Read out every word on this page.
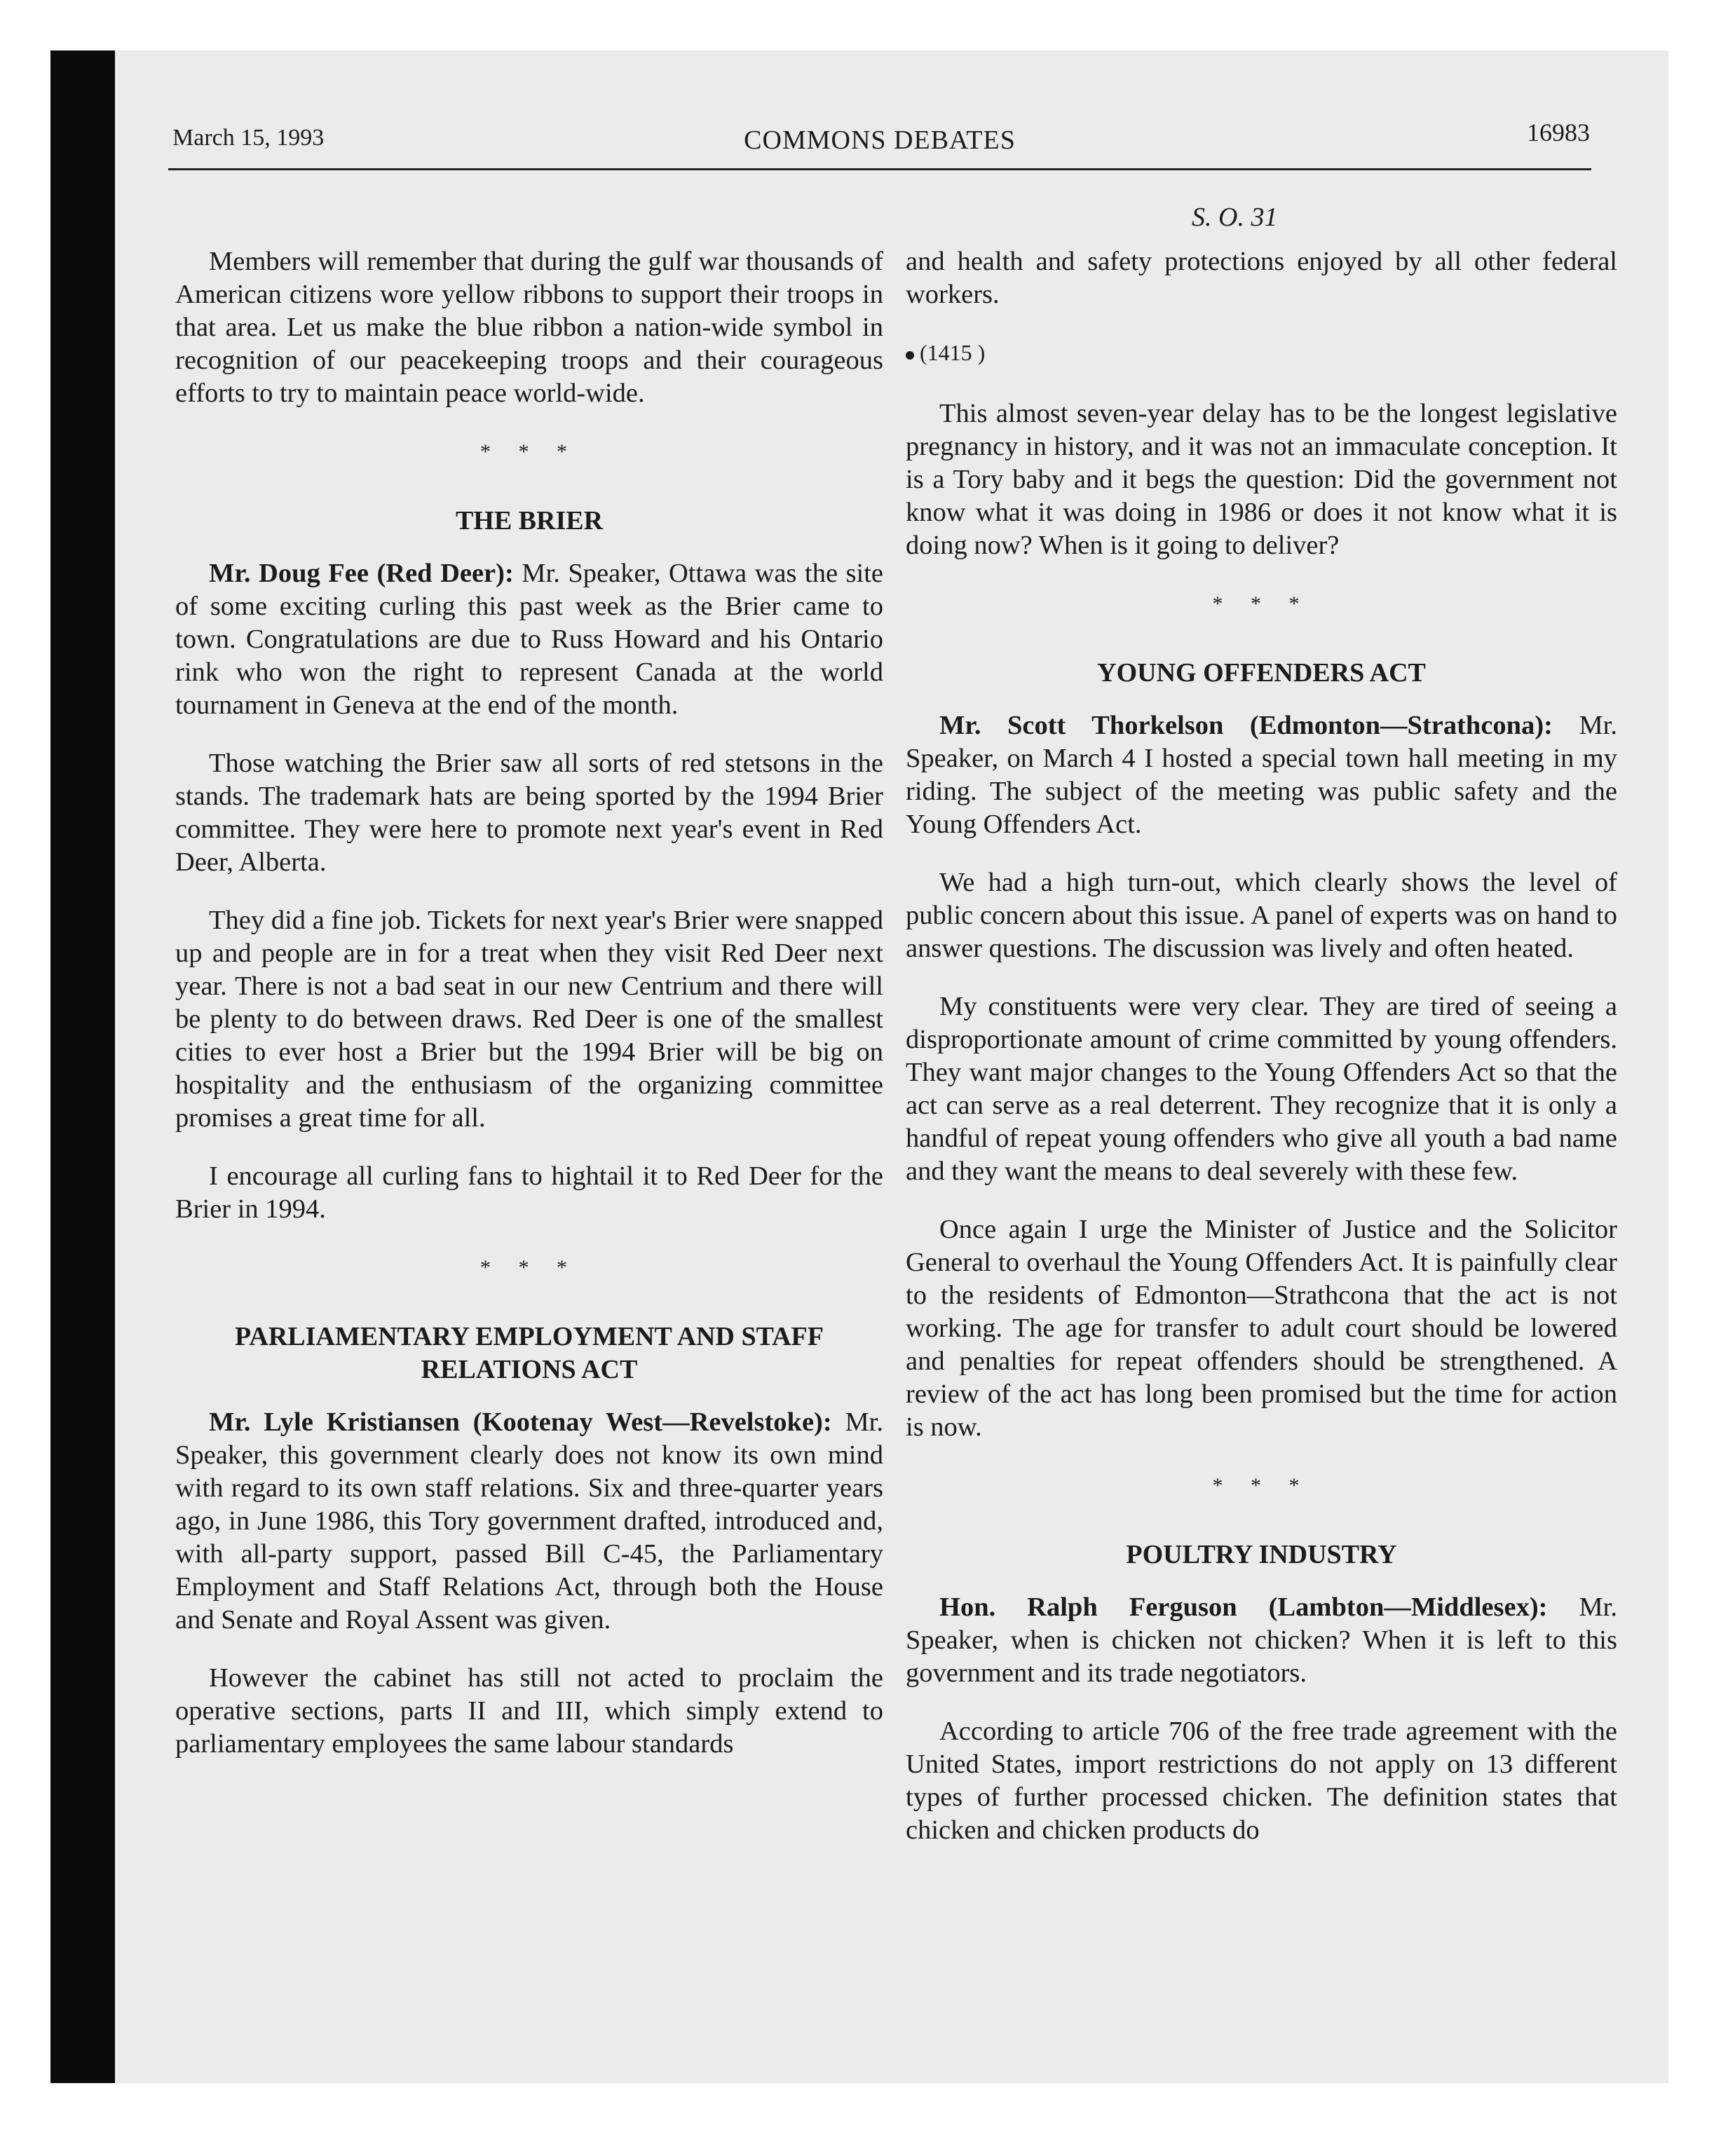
March 15, 1993	COMMONS DEBATES	16983
S. O. 31

Members will remember that during the gulf war thousands of American citizens wore yellow ribbons to support their troops in that area. Let us make the blue ribbon a nation-wide symbol in recognition of our peacekeeping troops and their courageous efforts to try to maintain peace world-wide.

* * *
THE BRIER

Mr. Doug Fee (Red Deer): Mr. Speaker, Ottawa was the site of some exciting curling this past week as the Brier came to town. Congratulations are due to Russ Howard and his Ontario rink who won the right to represent Canada at the world tournament in Geneva at the end of the month.

Those watching the Brier saw all sorts of red stetsons in the stands. The trademark hats are being sported by the 1994 Brier committee. They were here to promote next year's event in Red Deer, Alberta.

They did a fine job. Tickets for next year's Brier were snapped up and people are in for a treat when they visit Red Deer next year. There is not a bad seat in our new Centrium and there will be plenty to do between draws. Red Deer is one of the smallest cities to ever host a Brier but the 1994 Brier will be big on hospitality and the enthusiasm of the organizing committee promises a great time for all.

I encourage all curling fans to hightail it to Red Deer for the Brier in 1994.

* * *
PARLIAMENTARY EMPLOYMENT AND STAFF RELATIONS ACT

Mr. Lyle Kristiansen (Kootenay West—Revelstoke): Mr. Speaker, this government clearly does not know its own mind with regard to its own staff relations. Six and three-quarter years ago, in June 1986, this Tory government drafted, introduced and, with all-party support, passed Bill C-45, the Parliamentary Employment and Staff Relations Act, through both the House and Senate and Royal Assent was given.

However the cabinet has still not acted to proclaim the operative sections, parts II and III, which simply extend to parliamentary employees the same labour standards

and health and safety protections enjoyed by all other federal workers.

(1415 )

This almost seven-year delay has to be the longest legislative pregnancy in history, and it was not an immaculate conception. It is a Tory baby and it begs the question: Did the government not know what it was doing in 1986 or does it not know what it is doing now? When is it going to deliver?

* * *
YOUNG OFFENDERS ACT

Mr. Scott Thorkelson (Edmonton—Strathcona): Mr. Speaker, on March 4 I hosted a special town hall meeting in my riding. The subject of the meeting was public safety and the Young Offenders Act.

We had a high turn-out, which clearly shows the level of public concern about this issue. A panel of experts was on hand to answer questions. The discussion was lively and often heated.

My constituents were very clear. They are tired of seeing a disproportionate amount of crime committed by young offenders. They want major changes to the Young Offenders Act so that the act can serve as a real deterrent. They recognize that it is only a handful of repeat young offenders who give all youth a bad name and they want the means to deal severely with these few.

Once again I urge the Minister of Justice and the Solicitor General to overhaul the Young Offenders Act. It is painfully clear to the residents of Edmonton—Strathcona that the act is not working. The age for transfer to adult court should be lowered and penalties for repeat offenders should be strengthened. A review of the act has long been promised but the time for action is now.

* * *
POULTRY INDUSTRY

Hon. Ralph Ferguson (Lambton—Middlesex): Mr. Speaker, when is chicken not chicken? When it is left to this government and its trade negotiators.

According to article 706 of the free trade agreement with the United States, import restrictions do not apply on 13 different types of further processed chicken. The definition states that chicken and chicken products do
